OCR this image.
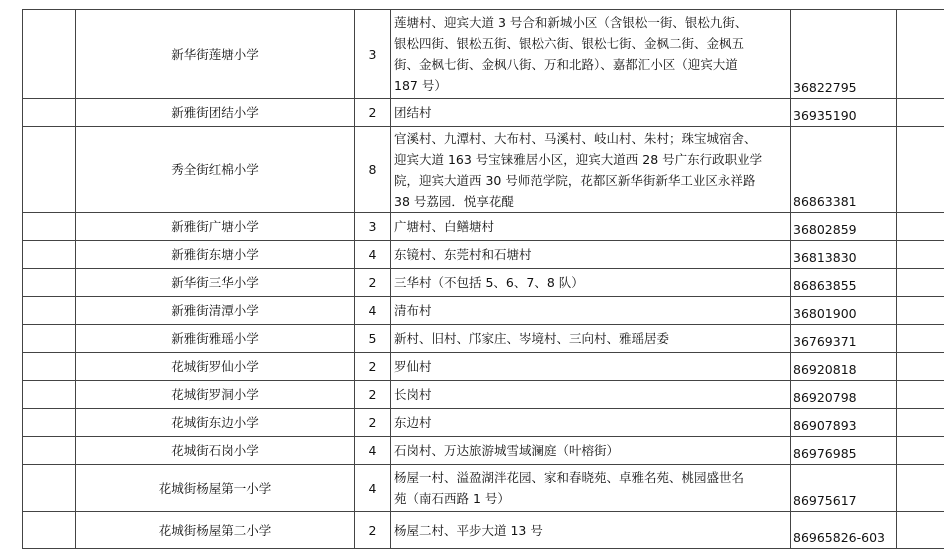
	新华街莲塘小学	3	莲塘村、迎宾大道 3 号合和新城小区（含银松一街、银松九街、
银松四街、银松五街、银松六街、银松七街、金枫二街、金枫五
街、金枫七街、金枫八街、万和北路）、嘉都汇小区（迎宾大道
187 号）	36822795	
	新雅街团结小学	2	团结村	36935190	
	秀全街红棉小学	8	官溪村、九潭村、大布村、马溪村、岐山村、朱村；珠宝城宿舍、
迎宾大道 163 号宝铼雅居小区，迎宾大道西 28 号广东行政职业学
院，迎宾大道西 30 号师范学院，花都区新华街新华工业区永祥路
38 号荔园．悦享花醍	86863381	
	新雅街广塘小学	3	广塘村、白鳝塘村	36802859	
	新雅街东塘小学	4	东镜村、东莞村和石塘村	36813830	
	新华街三华小学	2	三华村（不包括 5、6、7、8 队）	86863855	
	新雅街清潭小学	4	清布村	36801900	
	新雅街雅瑶小学	5	新村、旧村、邝家庄、岑境村、三向村、雅瑶居委	36769371	
	花城街罗仙小学	2	罗仙村	86920818	
	花城街罗洞小学	2	长岗村	86920798	
	花城街东边小学	2	东边村	86907893	
	花城街石岗小学	4	石岗村、万达旅游城雪域澜庭（叶榕街）	86976985	
	花城街杨屋第一小学	4	杨屋一村、溢盈湖泮花园、家和春晓苑、卓雅名苑、桃园盛世名
苑（南石西路 1 号）	86975617	
	花城街杨屋第二小学	2	杨屋二村、平步大道 13 号	86965826-603	
